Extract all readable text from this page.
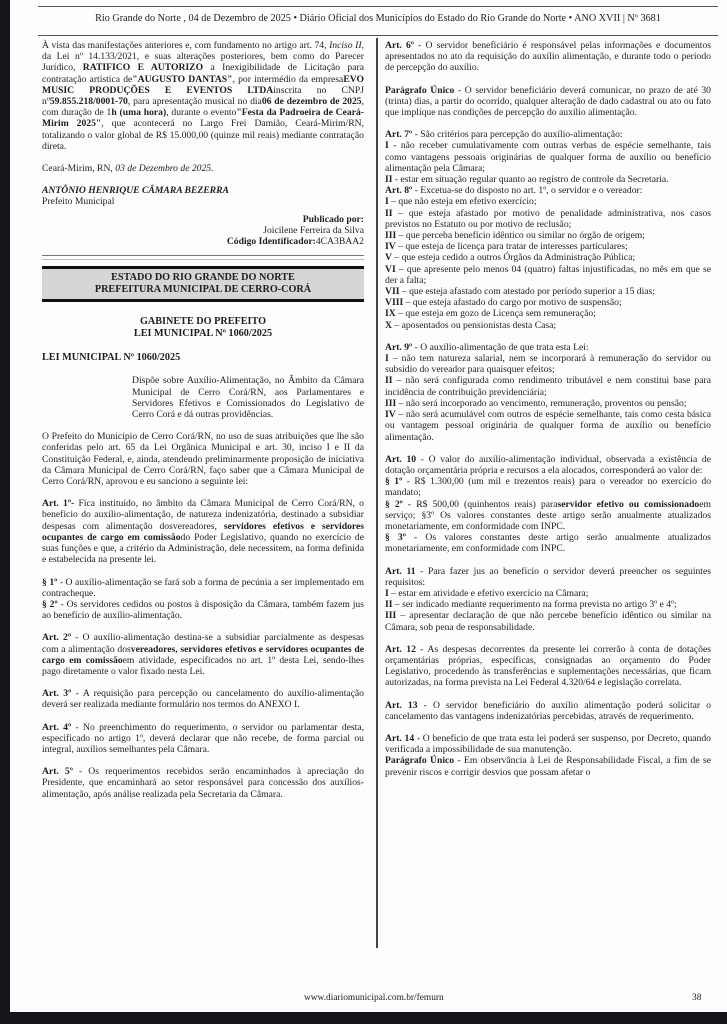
Rio Grande do Norte , 04 de Dezembro de 2025 • Diário Oficial dos Municípios do Estado do Rio Grande do Norte • ANO XVII | Nº 3681

À vista das manifestações anteriores e, com fundamento no artigo art. 74, Inciso II, da Lei nº 14.133/2021, e suas alterações posteriores, bem como do Parecer Jurídico, RATIFICO E AUTORIZO a Inexigibilidade de Licitação para contratação artística de"AUGUSTO DANTAS", por intermédio da empresaEVO MUSIC PRODUÇÕES E EVENTOS LTDAinscrita no CNPJ nº59.855.218/0001-70, para apresentação musical no dia06 de dezembro de 2025, com duração de 1h (uma hora), durante o evento"Festa da Padroeira de Ceará-Mirim 2025", que acontecerá no Largo Frei Damião, Ceará-Mirim/RN, totalizando o valor global de R$ 15.000,00 (quinze mil reais) mediante contratação direta.

Ceará-Mirim, RN, 03 de Dezembro de 2025.

ANTÔNIO HENRIQUE CÂMARA BEZERRA

Prefeito Municipal

Publicado por:

Joicilene Ferreira da Silva

Código Identificador:4CA3BAA2

ESTADO DO RIO GRANDE DO NORTE
PREFEITURA MUNICIPAL DE CERRO-CORÁ
GABINETE DO PREFEITO
LEI MUNICIPAL Nº 1060/2025
LEI MUNICIPAL Nº 1060/2025

Dispõe sobre Auxílio-Alimentação, no Âmbito da Câmara Municipal de Cerro Corá/RN, aos Parlamentares e Servidores Efetivos e Comissionados do Legislativo de Cerro Corá e dá outras providências.

O Prefeito do Município de Cerro Corá/RN, no uso de suas atribuições que lhe são conferidas pelo art. 65 da Lei Orgânica Municipal e art. 30, inciso I e II da Constituição Federal, e, ainda, atendendo preliminarmente proposição de iniciativa da Câmara Municipal de Cerro Corá/RN, faço saber que a Câmara Municipal de Cerro Corá/RN, aprovou e eu sanciono a seguinte lei:

Art. 1º- Fica instituído, no âmbito da Câmara Municipal de Cerro Corá/RN, o benefício do auxílio-alimentação, de natureza indenizatória, destinado a subsidiar despesas com alimentação dosvereadores, servidores efetivos e servidores ocupantes de cargo em comissãodo Poder Legislativo, quando no exercício de suas funções e que, a critério da Administração, dele necessitem, na forma definida e estabelecida na presente lei.

§ 1º - O auxílio-alimentação se fará sob a forma de pecúnia a ser implementado em contracheque.

§ 2º - Os servidores cedidos ou postos à disposição da Câmara, também fazem jus ao benefício de auxílio-alimentação.

Art. 2º - O auxílio-alimentação destina-se a subsidiar parcialmente as despesas com a alimentação dosvereadores, servidores efetivos e servidores ocupantes de cargo em comissãoem atividade, especificados no art. 1º desta Lei, sendo-lhes pago diretamente o valor fixado nesta Lei.

Art. 3º - A requisição para percepção ou cancelamento do auxílio-alimentação deverá ser realizada mediante formulário nos termos do ANEXO I.

Art. 4º - No preenchimento do requerimento, o servidor ou parlamentar desta, especificado no artigo 1º, deverá declarar que não recebe, de forma parcial ou integral, auxílios semelhantes pela Câmara.

Art. 5º - Os requerimentos recebidos serão encaminhados à apreciação do Presidente, que encaminhará ao setor responsável para concessão dos auxílios-alimentação, após análise realizada pela Secretaria da Câmara.

Art. 6º - O servidor beneficiário é responsável pelas informações e documentos apresentados no ato da requisição do auxílio alimentação, e durante todo o período de percepção do auxílio.

Parágrafo Único - O servidor beneficiário deverá comunicar, no prazo de até 30 (trinta) dias, a partir do ocorrido, qualquer alteração de dado cadastral ou ato ou fato que implique nas condições de percepção do auxílio alimentação.

Art. 7º - São critérios para percepção do auxílio-alimentação:

I - não receber cumulativamente com outras verbas de espécie semelhante, tais como vantagens pessoais originárias de qualquer forma de auxílio ou benefício alimentação pela Câmara;

II - estar em situação regular quanto ao registro de controle da Secretaria.

Art. 8º - Excetua-se do disposto no art. 1º, o servidor e o vereador:

I – que não esteja em efetivo exercício;

II – que esteja afastado por motivo de penalidade administrativa, nos casos previstos no Estatuto ou por motivo de reclusão;

III – que perceba benefício idêntico ou similar no órgão de origem;

IV – que esteja de licença para tratar de interesses particulares;

V – que esteja cedido a outros Órgãos da Administração Pública;

VI – que apresente pelo menos 04 (quatro) faltas injustificadas, no mês em que se der a falta;

VII – que esteja afastado com atestado por período superior a 15 dias;

VIII – que esteja afastado do cargo por motivo de suspensão;

IX – que esteja em gozo de Licença sem remuneração;

X – aposentados ou pensionistas desta Casa;

Art. 9º - O auxílio-alimentação de que trata esta Lei:

I – não tem natureza salarial, nem se incorporará à remuneração do servidor ou subsídio do vereador para quaisquer efeitos;

II – não será configurada como rendimento tributável e nem constitui base para incidência de contribuição previdenciária;

III – não será incorporado ao vencimento, remuneração, proventos ou pensão;

IV – não será acumulável com outros de espécie semelhante, tais como cesta básica ou vantagem pessoal originária de qualquer forma de auxílio ou benefício alimentação.

Art. 10 - O valor do auxílio-alimentação individual, observada a existência de dotação orçamentária própria e recursos a ela alocados, corresponderá ao valor de:

§ 1º - R$ 1.300,00 (um mil e trezentos reais) para o vereador no exercício do mandato;

§ 2º - R$ 500,00 (quinhentos reais) paraservidor efetivo ou comissionadoem serviço; §3º Os valores constantes deste artigo serão anualmente atualizados monetariamente, em conformidade com INPC.

§ 3º - Os valores constantes deste artigo serão anualmente atualizados monetariamente, em conformidade com INPC.

Art. 11 - Para fazer jus ao benefício o servidor deverá preencher os seguintes requisitos:

I – estar em atividade e efetivo exercício na Câmara;

II – ser indicado mediante requerimento na forma prevista no artigo 3º e 4º;

III – apresentar declaração de que não percebe benefício idêntico ou similar na Câmara, sob pena de responsabilidade.

Art. 12 - As despesas decorrentes da presente lei correrão à conta de dotações orçamentárias próprias, específicas, consignadas ao orçamento do Poder Legislativo, procedendo às transferências e suplementações necessárias, que ficam autorizadas, na forma prevista na Lei Federal 4.320/64 e legislação correlata.

Art. 13 - O servidor beneficiário do auxílio alimentação poderá solicitar o cancelamento das vantagens indenizatórias percebidas, através de requerimento.

Art. 14 - O benefício de que trata esta lei poderá ser suspenso, por Decreto, quando verificada a impossibilidade de sua manutenção.

Parágrafo Único - Em observância à Lei de Responsabilidade Fiscal, a fim de se prevenir riscos e corrigir desvios que possam afetar o

www.diariomunicipal.com.br/femurn	38
